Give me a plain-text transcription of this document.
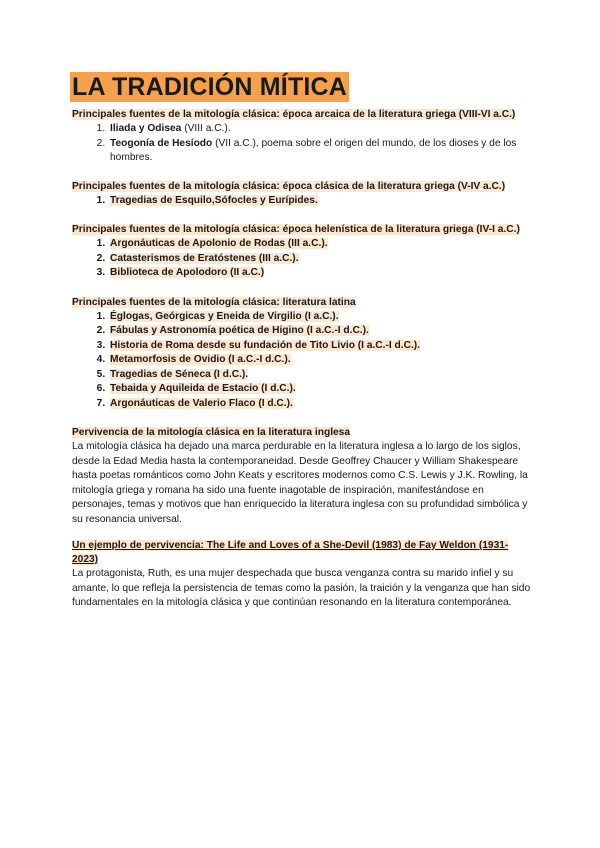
LA TRADICIÓN MÍTICA

Principales fuentes de la mitología clásica: época arcaica de la literatura griega (VIII-VI a.C.)

1. Iliada y Odisea (VIII a.C.).
2. Teogonía de Hesíodo (VII a.C.), poema sobre el origen del mundo, de los dioses y de los hombres.

Principales fuentes de la mitología clásica: época clásica de la literatura griega (V-IV a.C.)

1. Tragedias de Esquilo,Sófocles y Eurípides.

Principales fuentes de la mitología clásica: época helenística de la literatura griega (IV-I a.C.)

1. Argonáuticas de Apolonio de Rodas (III a.C.).
2. Catasterismos de Eratóstenes (III a.C.).
3. Biblioteca de Apolodoro (II a.C.)

Principales fuentes de la mitología clásica: literatura latina

1. Églogas, Geórgicas y Eneida de Virgilio (I a.C.).
2. Fábulas y Astronomía poética de Higino (I a.C.-I d.C.).
3. Historia de Roma desde su fundación de Tito Livio (I a.C.-I d.C.).
4. Metamorfosis de Ovidio (I a.C.-I d.C.).
5. Tragedias de Séneca (I d.C.).
6. Tebaida y Aquileida de Estacio (I d.C.).
7. Argonáuticas de Valerio Flaco (I d.C.).

Pervivencia de la mitología clásica en la literatura inglesa

La mitología clásica ha dejado una marca perdurable en la literatura inglesa a lo largo de los siglos, desde la Edad Media hasta la contemporaneidad. Desde Geoffrey Chaucer y William Shakespeare hasta poetas románticos como John Keats y escritores modernos como C.S. Lewis y J.K. Rowling, la mitología griega y romana ha sido una fuente inagotable de inspiración, manifestándose en personajes, temas y motivos que han enriquecido la literatura inglesa con su profundidad simbólica y su resonancia universal.

Un ejemplo de pervivencia: The Life and Loves of a She-Devil (1983) de Fay Weldon (1931-2023)

La protagonista, Ruth, es una mujer despechada que busca venganza contra su marido infiel y su amante, lo que refleja la persistencia de temas como la pasión, la traición y la venganza que han sido fundamentales en la mitología clásica y que continúan resonando en la literatura contemporánea.
